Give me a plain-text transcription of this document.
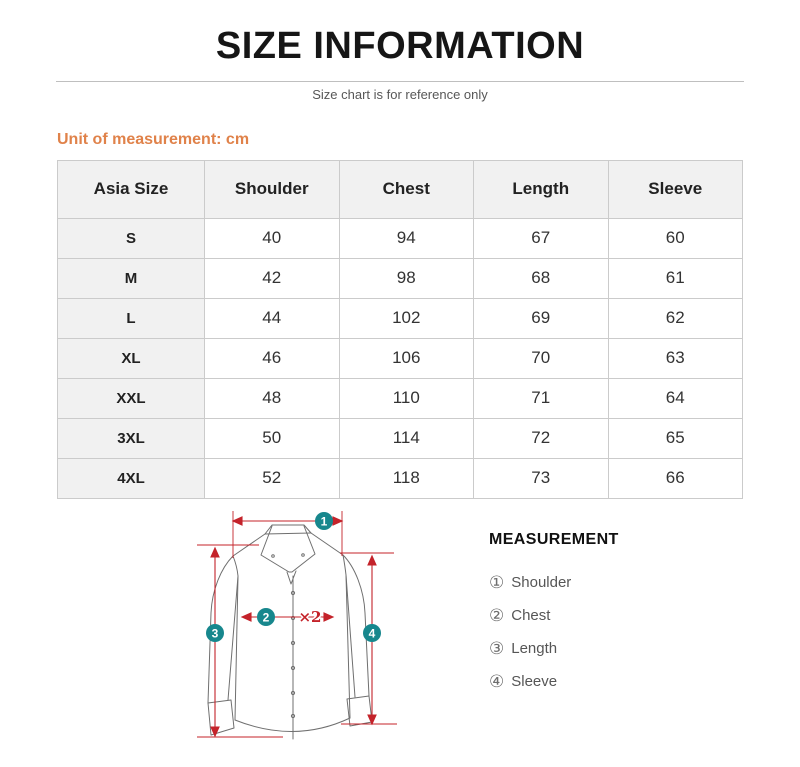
SIZE INFORMATION

Size chart is for reference only

Unit of measurement: cm
Asia Size	Shoulder	Chest	Length	Sleeve
S	40	94	67	60
M	42	98	68	61
L	44	102	69	62
XL	46	106	70	63
XXL	48	110	71	64
3XL	50	114	72	65
4XL	52	118	73	66
×2
1
2
3	4
MEASUREMENT
① Shoulder
② Chest
③ Length
④ Sleeve
